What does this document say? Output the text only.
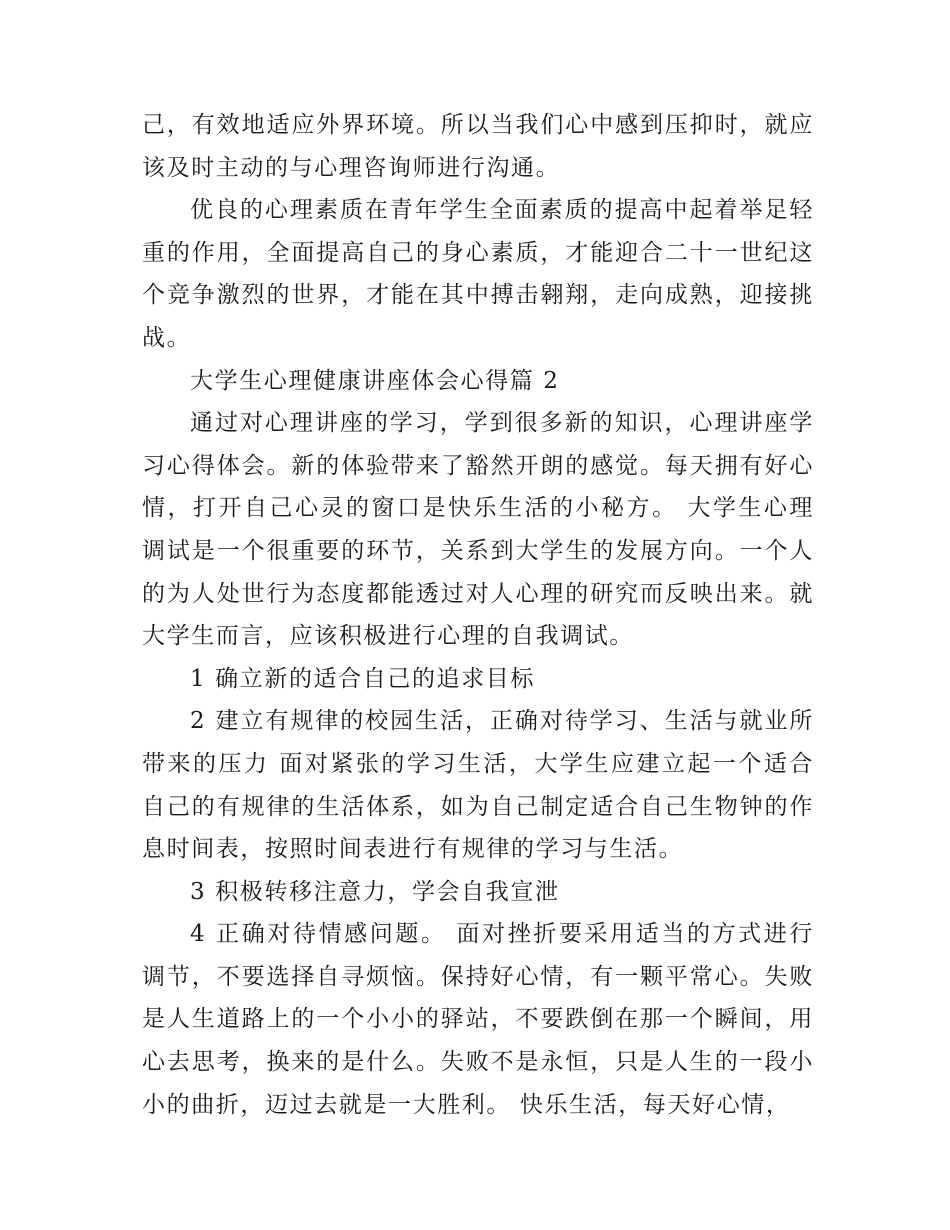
己，有效地适应外界环境。所以当我们心中感到压抑时，就应该及时主动的与心理咨询师进行沟通。

优良的心理素质在青年学生全面素质的提高中起着举足轻重的作用，全面提高自己的身心素质，才能迎合二十一世纪这个竞争激烈的世界，才能在其中搏击翱翔，走向成熟，迎接挑战。

大学生心理健康讲座体会心得篇 2

通过对心理讲座的学习，学到很多新的知识，心理讲座学习心得体会。新的体验带来了豁然开朗的感觉。每天拥有好心情，打开自己心灵的窗口是快乐生活的小秘方。 大学生心理调试是一个很重要的环节，关系到大学生的发展方向。一个人的为人处世行为态度都能透过对人心理的研究而反映出来。就大学生而言，应该积极进行心理的自我调试。

1 确立新的适合自己的追求目标

2 建立有规律的校园生活，正确对待学习、生活与就业所带来的压力 面对紧张的学习生活，大学生应建立起一个适合自己的有规律的生活体系，如为自己制定适合自己生物钟的作息时间表，按照时间表进行有规律的学习与生活。

3 积极转移注意力，学会自我宣泄

4 正确对待情感问题。 面对挫折要采用适当的方式进行调节，不要选择自寻烦恼。保持好心情，有一颗平常心。失败是人生道路上的一个小小的驿站，不要跌倒在那一个瞬间，用心去思考，换来的是什么。失败不是永恒，只是人生的一段小小的曲折，迈过去就是一大胜利。 快乐生活，每天好心情，
